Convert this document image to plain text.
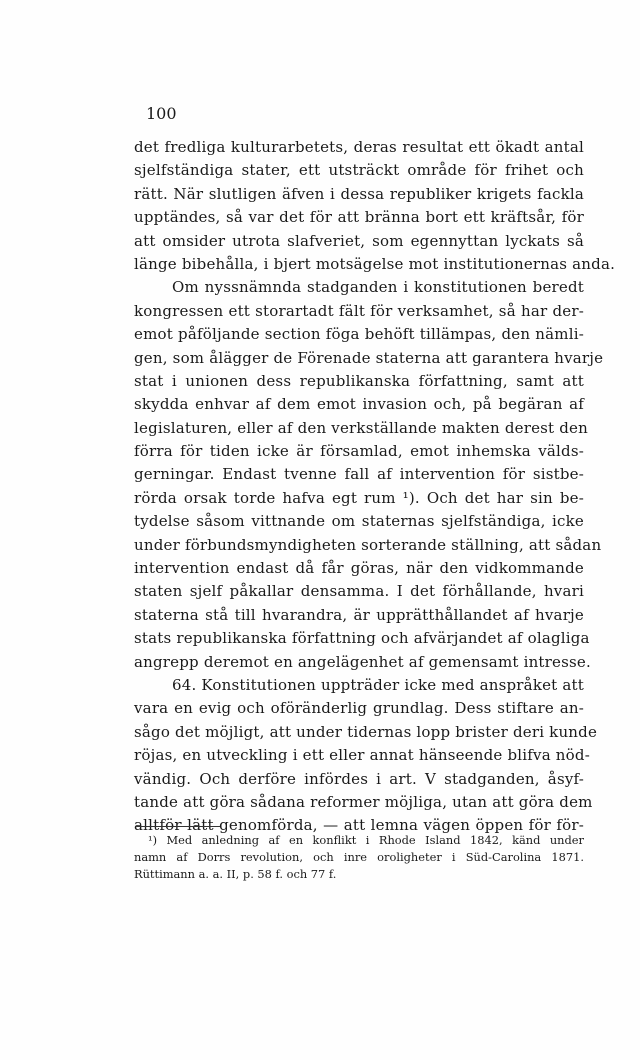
100

det fredliga kulturarbetets, deras resultat ett ökadt antal
sjelfständiga stater, ett utsträckt område för frihet och
rätt. När slutligen äfven i dessa republiker krigets fackla
upptändes, så var det för att bränna bort ett kräftsår, för
att omsider utrota slafveriet, som egennyttan lyckats så
länge bibehålla, i bjert motsägelse mot institutionernas anda.
Om nyssnämnda stadganden i konstitutionen beredt
kongressen ett storartadt fält för verksamhet, så har der-
emot påföljande section föga behöft tillämpas, den nämli-
gen, som ålägger de Förenade staterna att garantera hvarje
stat i unionen dess republikanska författning, samt att
skydda enhvar af dem emot invasion och, på begäran af
legislaturen, eller af den verkställande makten derest den
förra för tiden icke är församlad, emot inhemska välds-
gerningar. Endast tvenne fall af intervention för sistbe-
rörda orsak torde hafva egt rum ¹). Och det har sin be-
tydelse såsom vittnande om staternas sjelfständiga, icke
under förbundsmyndigheten sorterande ställning, att sådan
intervention endast då får göras, när den vidkommande
staten sjelf påkallar densamma. I det förhållande, hvari
staterna stå till hvarandra, är upprätthållandet af hvarje
stats republikanska författning och afvärjandet af olagliga
angrepp deremot en angelägenhet af gemensamt intresse.
64. Konstitutionen uppträder icke med anspråket att
vara en evig och oföränderlig grundlag. Dess stiftare an-
sågo det möjligt, att under tidernas lopp brister deri kunde
röjas, en utveckling i ett eller annat hänseende blifva nöd-
vändig. Och derföre infördes i art. V stadganden, åsyf-
tande att göra sådana reformer möjliga, utan att göra dem
alltför lätt genomförda, — att lemna vägen öppen för för-
¹) Med anledning af en konflikt i Rhode Island 1842, känd under
namn af Dorrs revolution, och inre oroligheter i Süd-Carolina 1871.
Rüttimann a. a. II, p. 58 f. och 77 f.
